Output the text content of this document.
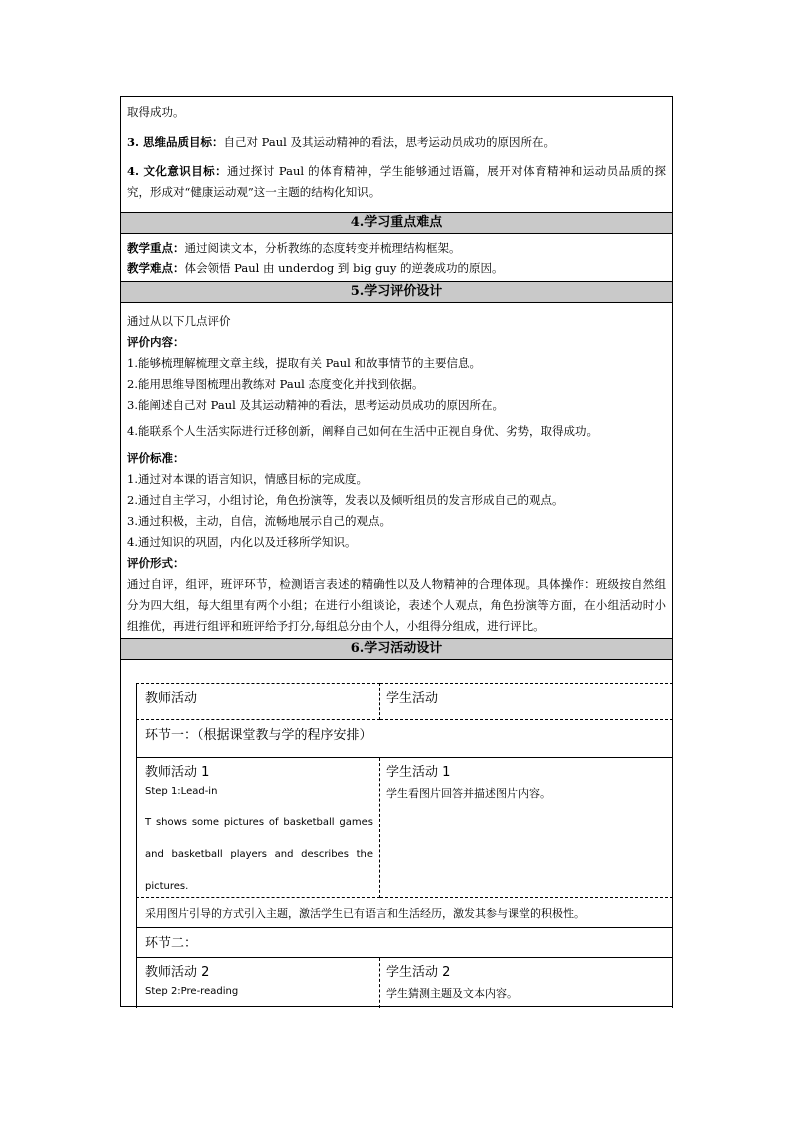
取得成功。

3. 思维品质目标：自己对 Paul 及其运动精神的看法，思考运动员成功的原因所在。

4. 文化意识目标：通过探讨 Paul 的体育精神，学生能够通过语篇，展开对体育精神和运动员品质的探究，形成对“健康运动观”这一主题的结构化知识。

4.学习重点难点

教学重点：通过阅读文本，分析教练的态度转变并梳理结构框架。

教学难点：体会领悟 Paul 由 underdog 到 big guy 的逆袭成功的原因。

5.学习评价设计

通过从以下几点评价

评价内容：

1.能够梳理解梳理文章主线，提取有关 Paul 和故事情节的主要信息。

2.能用思维导图梳理出教练对 Paul 态度变化并找到依据。

3.能阐述自己对 Paul 及其运动精神的看法，思考运动员成功的原因所在。

4.能联系个人生活实际进行迁移创新，阐释自己如何在生活中正视自身优、劣势，取得成功。

评价标准：

1.通过对本课的语言知识，情感目标的完成度。

2.通过自主学习，小组讨论，角色扮演等，发表以及倾听组员的发言形成自己的观点。

3.通过积极，主动，自信，流畅地展示自己的观点。

4.通过知识的巩固，内化以及迁移所学知识。

评价形式：

通过自评，组评，班评环节，检测语言表述的精确性以及人物精神的合理体现。具体操作：班级按自然组分为四大组，每大组里有两个小组；在进行小组谈论，表述个人观点，角色扮演等方面，在小组活动时小组推优，再进行组评和班评给予打分,每组总分由个人，小组得分组成，进行评比。

6.学习活动设计
教师活动	学生活动
环节一：（根据课堂教与学的程序安排）
教师活动 1
Step 1:Lead-in
T shows some pictures of basketball games and basketball players and describes the pictures.
学生活动 1
学生看图片回答并描述图片内容。
采用图片引导的方式引入主题，激活学生已有语言和生活经历，激发其参与课堂的积极性。
环节二：
教师活动 2
Step 2:Pre-reading
学生活动 2
学生猜测主题及文本内容。
